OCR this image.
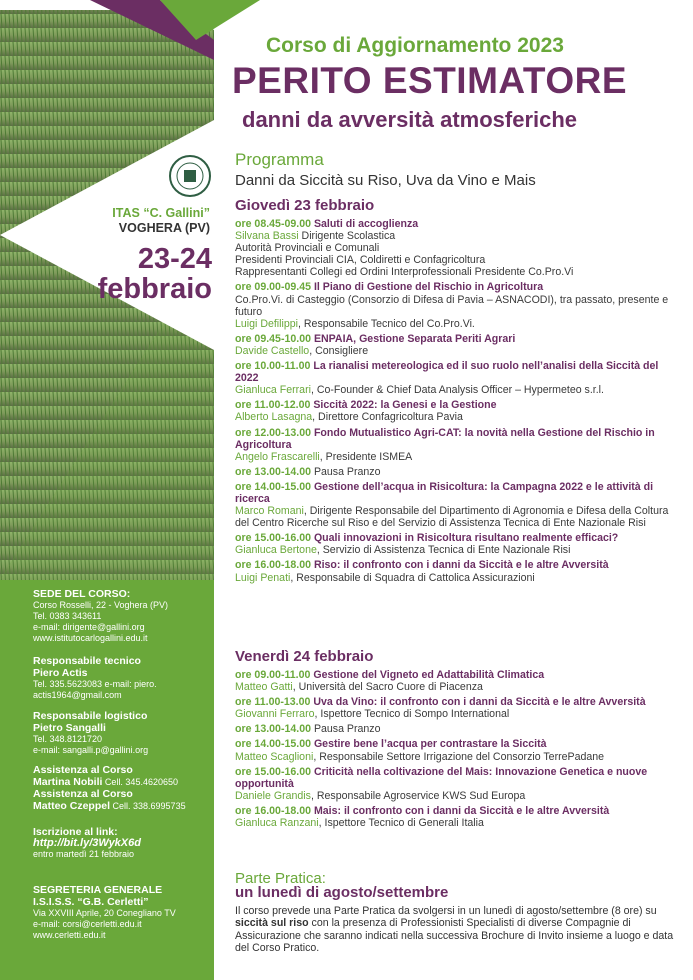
ITAS “C. Gallini”
VOGHERA (PV)
23-24
febbraio
Corso di Aggiornamento 2023
PERITO ESTIMATORE
danni da avversità atmosferiche
Programma
Danni da Siccità su Riso, Uva da Vino e Mais
Giovedì 23 febbraio
ore 08.45-09.00 Saluti di accoglienza
Silvana Bassi Dirigente Scolastica
Autorità Provinciali e Comunali
Presidenti Provinciali CIA, Coldiretti e Confagricoltura
Rappresentanti Collegi ed Ordini Interprofessionali Presidente Co.Pro.Vi
ore 09.00-09.45 Il Piano di Gestione del Rischio in Agricoltura
Co.Pro.Vi. di Casteggio (Consorzio di Difesa di Pavia – ASNACODI), tra passato, presente e futuro
Luigi Defilippi, Responsabile Tecnico del Co.Pro.Vi.
ore 09.45-10.00 ENPAIA, Gestione Separata Periti Agrari
Davide Castello, Consigliere
ore 10.00-11.00 La rianalisi metereologica ed il suo ruolo nell’analisi della Siccità del 2022
Gianluca Ferrari, Co-Founder & Chief Data Analysis Officer – Hypermeteo s.r.l.
ore 11.00-12.00 Siccità 2022: la Genesi e la Gestione
Alberto Lasagna, Direttore Confagricoltura Pavia
ore 12.00-13.00 Fondo Mutualistico Agri-CAT: la novità nella Gestione del Rischio in Agricoltura
Angelo Frascarelli, Presidente ISMEA
ore 13.00-14.00 Pausa Pranzo
ore 14.00-15.00 Gestione dell’acqua in Risicoltura: la Campagna 2022 e le attività di ricerca
Marco Romani, Dirigente Responsabile del Dipartimento di Agronomia e Difesa della Coltura del Centro Ricerche sul Riso e del Servizio di Assistenza Tecnica di Ente Nazionale Risi
ore 15.00-16.00 Quali innovazioni in Risicoltura risultano realmente efficaci?
Gianluca Bertone, Servizio di Assistenza Tecnica di Ente Nazionale Risi
ore 16.00-18.00 Riso: il confronto con i danni da Siccità e le altre Avversità
Luigi Penati, Responsabile di Squadra di Cattolica Assicurazioni
Venerdì 24 febbraio
ore 09.00-11.00 Gestione del Vigneto ed Adattabilità Climatica
Matteo Gatti, Università del Sacro Cuore di Piacenza
ore 11.00-13.00 Uva da Vino: il confronto con i danni da Siccità e le altre Avversità
Giovanni Ferraro, Ispettore Tecnico di Sompo International
ore 13.00-14.00 Pausa Pranzo
ore 14.00-15.00 Gestire bene l’acqua per contrastare la Siccità
Matteo Scaglioni, Responsabile Settore Irrigazione del Consorzio TerrePadane
ore 15.00-16.00 Criticità nella coltivazione del Mais: Innovazione Genetica e nuove opportunità
Daniele Grandis, Responsabile Agroservice KWS Sud Europa
ore 16.00-18.00 Mais: il confronto con i danni da Siccità e le altre Avversità
Gianluca Ranzani, Ispettore Tecnico di Generali Italia
Parte Pratica:
un lunedì di agosto/settembre
Il corso prevede una Parte Pratica da svolgersi in un lunedì di agosto/settembre (8 ore) su siccità sul riso con la presenza di Professionisti Specialisti di diverse Compagnie di Assicurazione che saranno indicati nella successiva Brochure di Invito insieme a luogo e data del Corso Pratico.
SEDE DEL CORSO:
Corso Rosselli, 22 - Voghera (PV)
Tel. 0383 343611
e-mail: dirigente@gallini.org
www.istitutocarlogallini.edu.it
Responsabile tecnico
Piero Actis
Tel. 335.5623083 e-mail: piero.
actis1964@gmail.com
Responsabile logistico
Pietro Sangalli
Tel. 348.8121720
e-mail: sangalli.p@gallini.org
Assistenza al Corso
Martina Nobili Cell. 345.4620650
Assistenza al Corso
Matteo Czeppel Cell. 338.6995735
Iscrizione al link:
http://bit.ly/3WykX6d
entro martedì 21 febbraio
SEGRETERIA GENERALE
I.S.I.S.S. “G.B. Cerletti”
Via XXVIII Aprile, 20 Conegliano TV
e-mail: corsi@cerletti.edu.it
www.cerletti.edu.it
